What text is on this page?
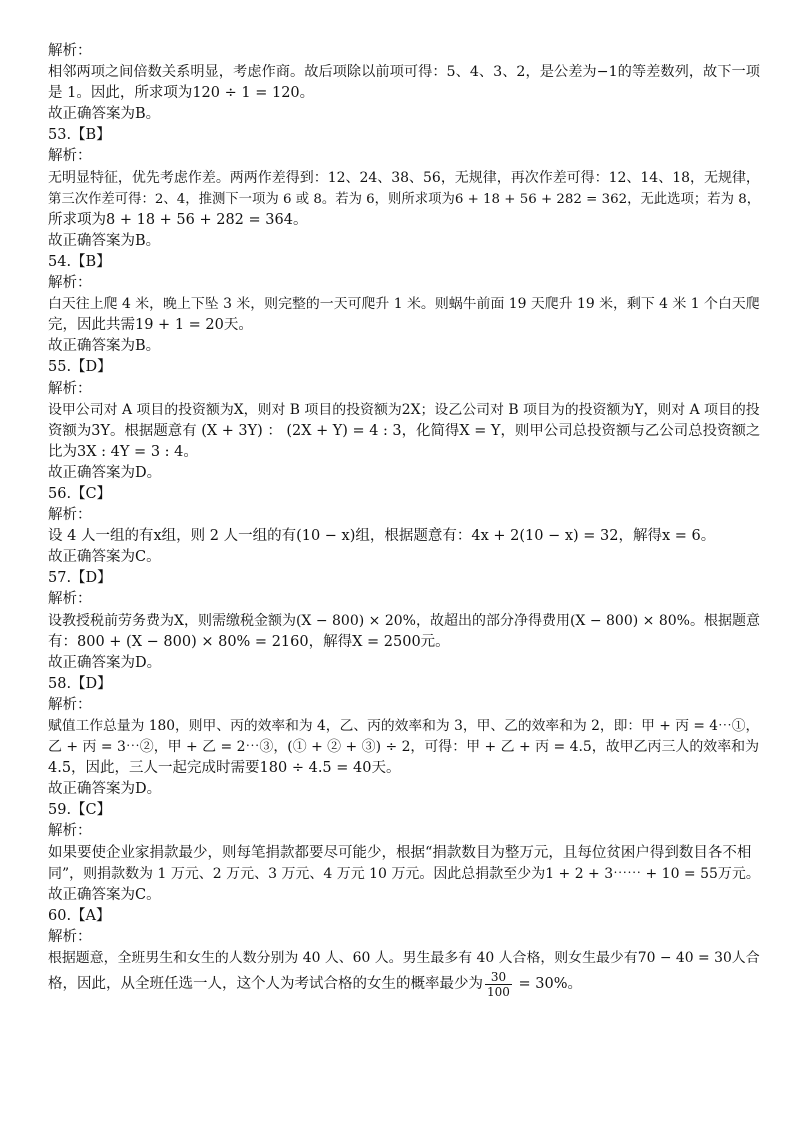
解析：

相邻两项之间倍数关系明显，考虑作商。故后项除以前项可得：5、4、3、2，是公差为−1的等差数列，故下一项

是 1。因此，所求项为120 ÷ 1 = 120。

故正确答案为B。

53.【B】

解析：

无明显特征，优先考虑作差。两两作差得到：12、24、38、56，无规律，再次作差可得：12、14、18，无规律，

第三次作差可得：2、4，推测下一项为 6 或 8。若为 6，则所求项为6 + 18 + 56 + 282 = 362，无此选项；若为 8，

所求项为8 + 18 + 56 + 282 = 364。

故正确答案为B。

54.【B】

解析：

白天往上爬 4 米，晚上下坠 3 米，则完整的一天可爬升 1 米。则蜗牛前面 19 天爬升 19 米，剩下 4 米 1 个白天爬

完，因此共需19 + 1 = 20天。

故正确答案为B。

55.【D】

解析：

设甲公司对 A 项目的投资额为X，则对 B 项目的投资额为2X；设乙公司对 B 项目为的投资额为Y，则对 A 项目的投

资额为3Y。根据题意有 (X + 3Y) ： (2X + Y) = 4 : 3，化简得X = Y，则甲公司总投资额与乙公司总投资额之

比为3X : 4Y = 3 : 4。

故正确答案为D。

56.【C】

解析：

设 4 人一组的有x组，则 2 人一组的有(10 − x)组，根据题意有：4x + 2(10 − x) = 32，解得x = 6。

故正确答案为C。

57.【D】

解析：

设教授税前劳务费为X，则需缴税金额为(X − 800) × 20%，故超出的部分净得费用(X − 800) × 80%。根据题意

有：800 + (X − 800) × 80% = 2160，解得X = 2500元。

故正确答案为D。

58.【D】

解析：

赋值工作总量为 180，则甲、丙的效率和为 4，乙、丙的效率和为 3，甲、乙的效率和为 2，即：甲 + 丙 = 4⋯①，

乙 + 丙 = 3⋯②，甲 + 乙 = 2⋯③，(① + ② + ③) ÷ 2，可得：甲 + 乙 + 丙 = 4.5，故甲乙丙三人的效率和为

4.5，因此，三人一起完成时需要180 ÷ 4.5 = 40天。

故正确答案为D。

59.【C】

解析：

如果要使企业家捐款最少，则每笔捐款都要尽可能少，根据“捐款数目为整万元，且每位贫困户得到数目各不相

同”，则捐款数为 1 万元、2 万元、3 万元、4 万元 10 万元。因此总捐款至少为1 + 2 + 3⋯⋯ + 10 = 55万元。

故正确答案为C。

60.【A】

解析：

根据题意，全班男生和女生的人数分别为 40 人、60 人。男生最多有 40 人合格，则女生最少有70 − 40 = 30人合

格，因此，从全班任选一人，这个人为考试合格的女生的概率最少为 $\frac{30}{100} = 30\%$。
